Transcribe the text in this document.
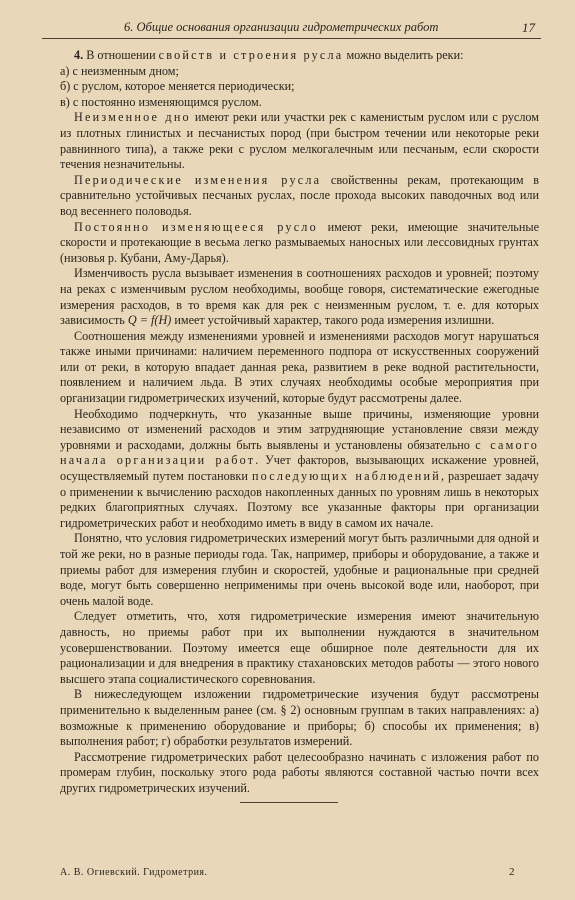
6. Общие основания организации гидрометрических работ	17

4. В отношении свойств и строения русла можно выделить реки:

а) с неизменным дном;

б) с руслом, которое меняется периодически;

в) с постоянно изменяющимся руслом.

Неизменное дно имеют реки или участки рек с каменистым руслом или с руслом из плотных глинистых и песчанистых пород (при быстром течении или некоторые реки равнинного типа), а также реки с руслом мелкогалечным или песчаным, если скорости течения незначительны.

Периодические изменения русла свойственны рекам, протекающим в сравнительно устойчивых песчаных руслах, после прохода высоких паводочных вод или вод весеннего половодья.

Постоянно изменяющееся русло имеют реки, имеющие значительные скорости и протекающие в весьма легко размываемых наносных или лессовидных грунтах (низовья р. Кубани, Аму-Дарья).

Изменчивость русла вызывает изменения в соотношениях расходов и уровней; поэтому на реках с изменчивым руслом необходимы, вообще говоря, систематические ежегодные измерения расходов, в то время как для рек с неизменным руслом, т. е. для которых зависимость Q = f(H) имеет устойчивый характер, такого рода измерения излишни.

Соотношения между изменениями уровней и изменениями расходов могут нарушаться также иными причинами: наличием переменного подпора от искусственных сооружений или от реки, в которую впадает данная река, развитием в реке водной растительности, появлением и наличием льда. В этих случаях необходимы особые мероприятия при организации гидрометрических изучений, которые будут рассмотрены далее.

Необходимо подчеркнуть, что указанные выше причины, изменяющие уровни независимо от изменений расходов и этим затрудняющие установление связи между уровнями и расходами, должны быть выявлены и установлены обязательно с самого начала организации работ. Учет факторов, вызывающих искажение уровней, осуществляемый путем постановки последующих наблюдений, разрешает задачу о применении к вычислению расходов накопленных данных по уровням лишь в некоторых редких благоприятных случаях. Поэтому все указанные факторы при организации гидрометрических работ и необходимо иметь в виду в самом их начале.

Понятно, что условия гидрометрических измерений могут быть различными для одной и той же реки, но в разные периоды года. Так, например, приборы и оборудование, а также и приемы работ для измерения глубин и скоростей, удобные и рациональные при средней воде, могут быть совершенно неприменимы при очень высокой воде или, наоборот, при очень малой воде.

Следует отметить, что, хотя гидрометрические измерения имеют значительную давность, но приемы работ при их выполнении нуждаются в значительном усовершенствовании. Поэтому имеется еще обширное поле деятельности для их рационализации и для внедрения в практику стахановских методов работы — этого нового высшего этапа социалистического соревнования.

В нижеследующем изложении гидрометрические изучения будут рассмотрены применительно к выделенным ранее (см. § 2) основным группам в таких направлениях: а) возможные к применению оборудование и приборы; б) способы их применения; в) выполнения работ; г) обработки результатов измерений.

Рассмотрение гидрометрических работ целесообразно начинать с изложения работ по промерам глубин, поскольку этого рода работы являются составной частью почти всех других гидрометрических изучений.

А. В. Огиевский. Гидрометрия.	2
